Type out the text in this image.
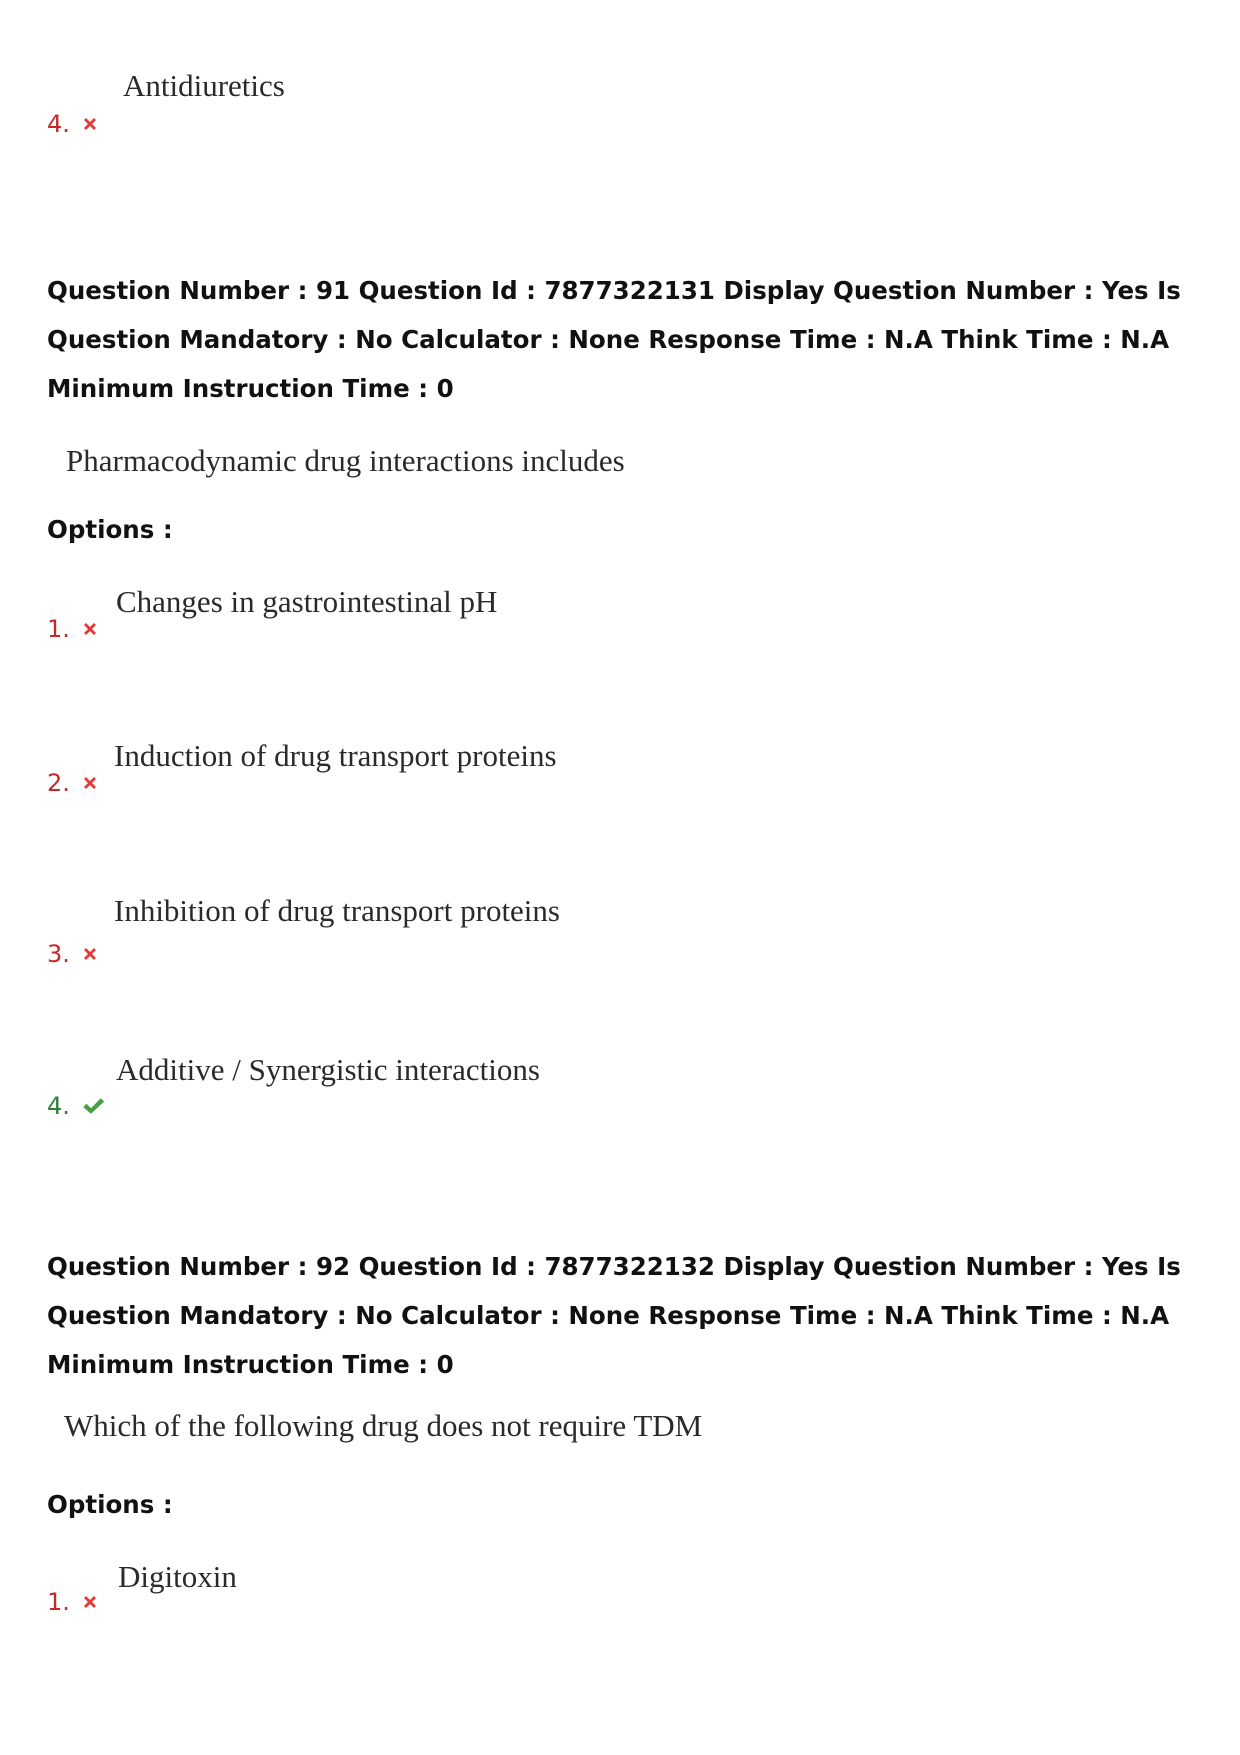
Antidiuretics
4.
Question Number : 91 Question Id : 7877322131 Display Question Number : Yes Is Question Mandatory : No Calculator : None Response Time : N.A Think Time : N.A Minimum Instruction Time : 0
Pharmacodynamic drug interactions includes
Options :
Changes in gastrointestinal pH
1.
Induction of drug transport proteins
2.
Inhibition of drug transport proteins
3.
Additive / Synergistic interactions
4.
Question Number : 92 Question Id : 7877322132 Display Question Number : Yes Is Question Mandatory : No Calculator : None Response Time : N.A Think Time : N.A Minimum Instruction Time : 0
Which of the following drug does not require TDM
Options :
Digitoxin
1.
